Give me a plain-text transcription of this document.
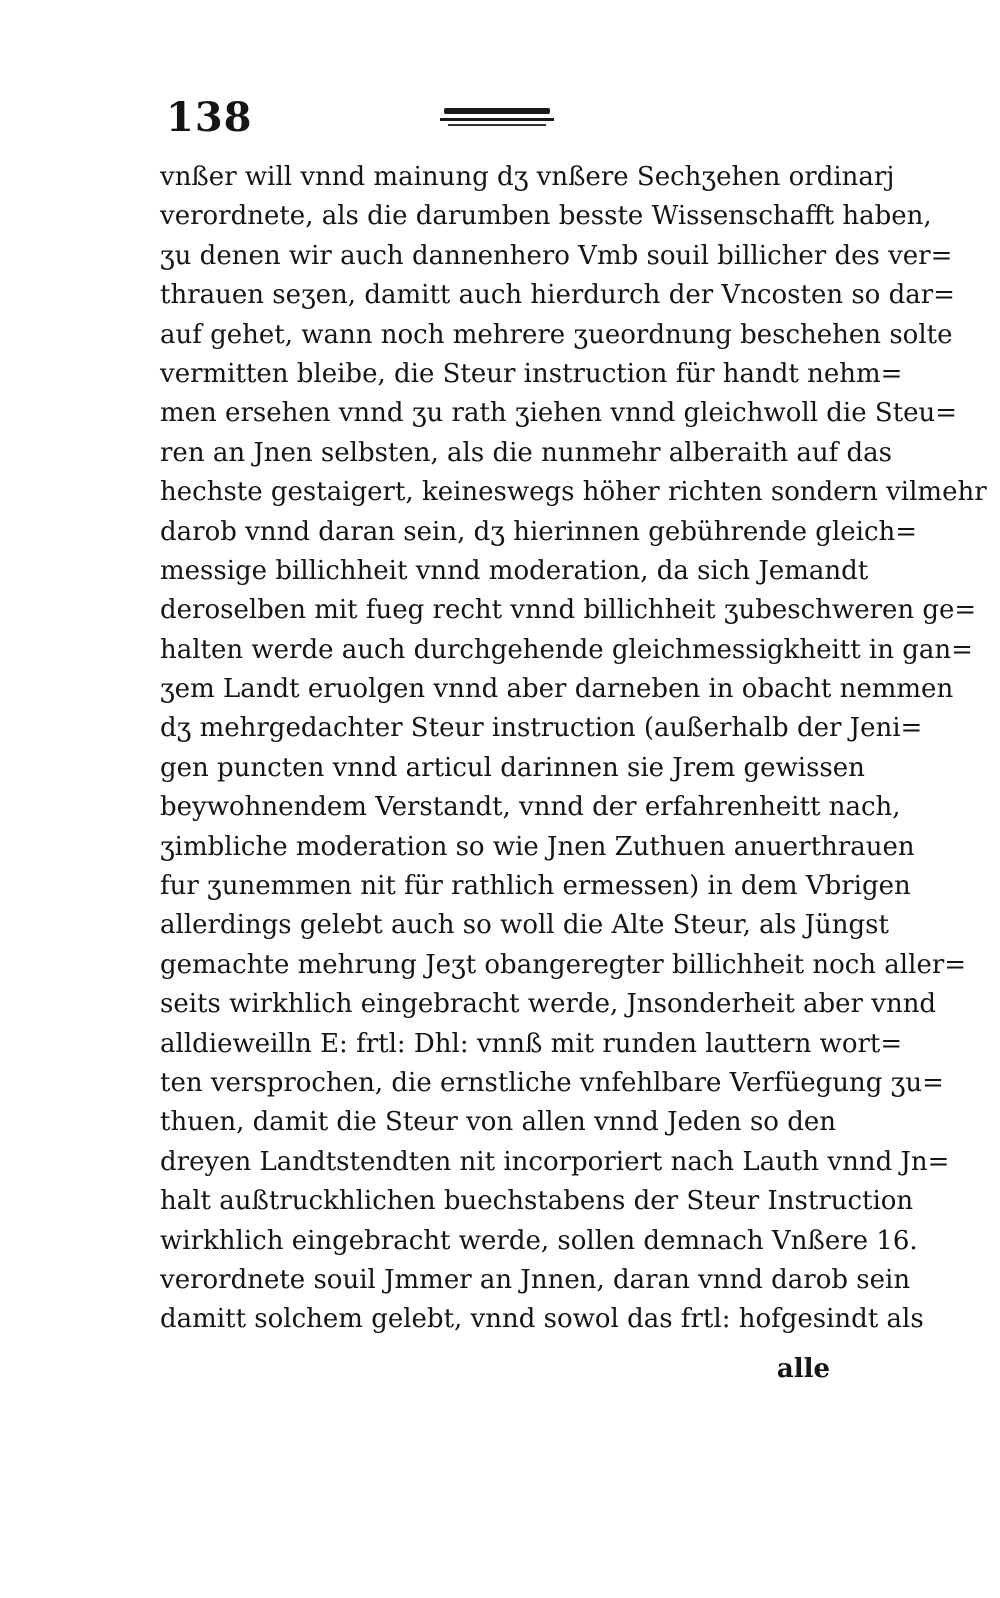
138
vnßer will vnnd mainung dʒ vnßere Sechʒehen ordinarj
verordnete, als die darumben besste Wissenschafft haben,
ʒu denen wir auch dannenhero Vmb souil billicher des ver=
thrauen seʒen, damitt auch hierdurch der Vncosten so dar=
auf gehet, wann noch mehrere ʒueordnung beschehen solte
vermitten bleibe, die Steur instruction für handt nehm=
men ersehen vnnd ʒu rath ʒiehen vnnd gleichwoll die Steu=
ren an Jnen selbsten, als die nunmehr alberaith auf das
hechste gestaigert, keineswegs höher richten sondern vilmehr
darob vnnd daran sein, dʒ hierinnen gebührende gleich=
messige billichheit vnnd moderation, da sich Jemandt
deroselben mit fueg recht vnnd billichheit ʒubeschweren ge=
halten werde auch durchgehende gleichmessigkheitt in gan=
ʒem Landt eruolgen vnnd aber darneben in obacht nemmen
dʒ mehrgedachter Steur instruction (außerhalb der Jeni=
gen puncten vnnd articul darinnen sie Jrem gewissen
beywohnendem Verstandt, vnnd der erfahrenheitt nach,
ʒimbliche moderation so wie Jnen Zuthuen anuerthrauen
fur ʒunemmen nit für rathlich ermessen) in dem Vbrigen
allerdings gelebt auch so woll die Alte Steur, als Jüngst
gemachte mehrung Jeʒt obangeregter billichheit noch aller=
seits wirkhlich eingebracht werde, Jnsonderheit aber vnnd
alldieweilln E: frtl: Dhl: vnnß mit runden lauttern wort=
ten versprochen, die ernstliche vnfehlbare Verfüegung ʒu=
thuen, damit die Steur von allen vnnd Jeden so den
dreyen Landtstendten nit incorporiert nach Lauth vnnd Jn=
halt außtruckhlichen buechstabens der Steur Instruction
wirkhlich eingebracht werde, sollen demnach Vnßere 16.
verordnete souil Jmmer an Jnnen, daran vnnd darob sein
damitt solchem gelebt, vnnd sowol das frtl: hofgesindt als
alle
